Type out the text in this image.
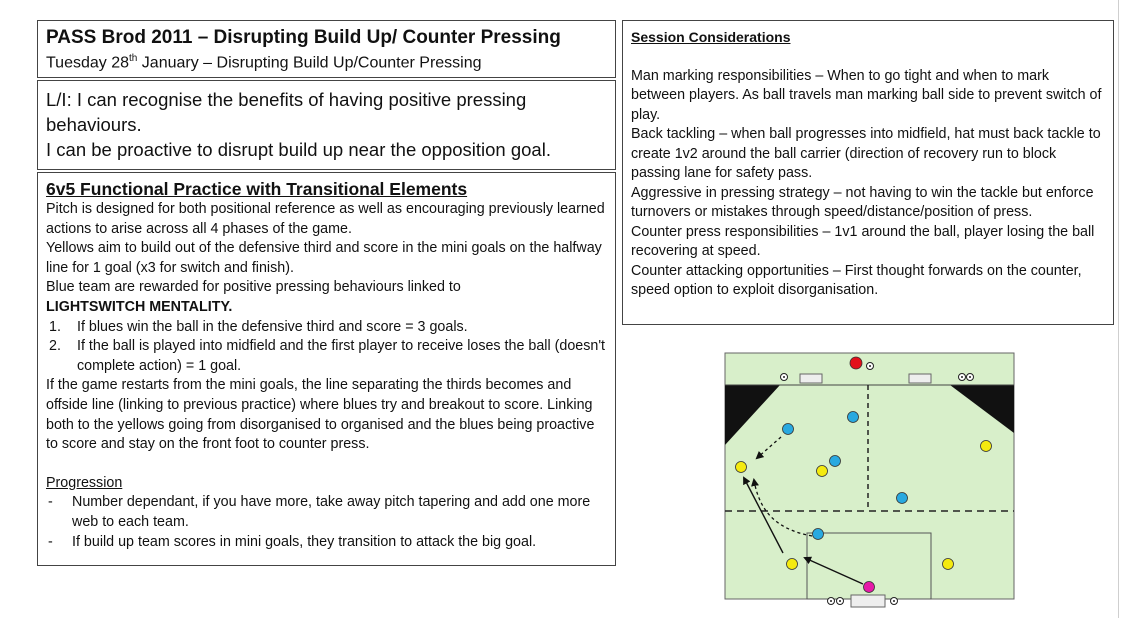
PASS Brod 2011 – Disrupting Build Up/ Counter Pressing
Tuesday 28th January – Disrupting Build Up/Counter Pressing
L/I: I can recognise the benefits of having positive pressing behaviours.
I can be proactive to disrupt build up near the opposition goal.
6v5 Functional Practice with Transitional Elements

Pitch is designed for both positional reference as well as encouraging previously learned actions to arise across all 4 phases of the game.

Yellows aim to build out of the defensive third and score in the mini goals on the halfway line for 1 goal (x3 for switch and finish).

Blue team are rewarded for positive pressing behaviours linked to

LIGHTSWITCH MENTALITY.

1. If blues win the ball in the defensive third and score = 3 goals.
2. If the ball is played into midfield and the first player to receive loses the ball (doesn't complete action) = 1 goal.

If the game restarts from the mini goals, the line separating the thirds becomes and offside line (linking to previous practice) where blues try and breakout to score. Linking both to the yellows going from disorganised to organised and the blues being proactive to score and stay on the front foot to counter press.

Progression

- Number dependant, if you have more, take away pitch tapering and add one more web to each team.
- If build up team scores in mini goals, they transition to attack the big goal.
Session Considerations
Man marking responsibilities – When to go tight and when to mark between players. As ball travels man marking ball side to prevent switch of play.
Back tackling – when ball progresses into midfield, hat must back tackle to create 1v2 around the ball carrier (direction of recovery run to block passing lane for safety pass.
Aggressive in pressing strategy – not having to win the tackle but enforce turnovers or mistakes through speed/distance/position of press.
Counter press responsibilities – 1v1 around the ball, player losing the ball recovering at speed.
Counter attacking opportunities – First thought forwards on the counter, speed option to exploit disorganisation.
